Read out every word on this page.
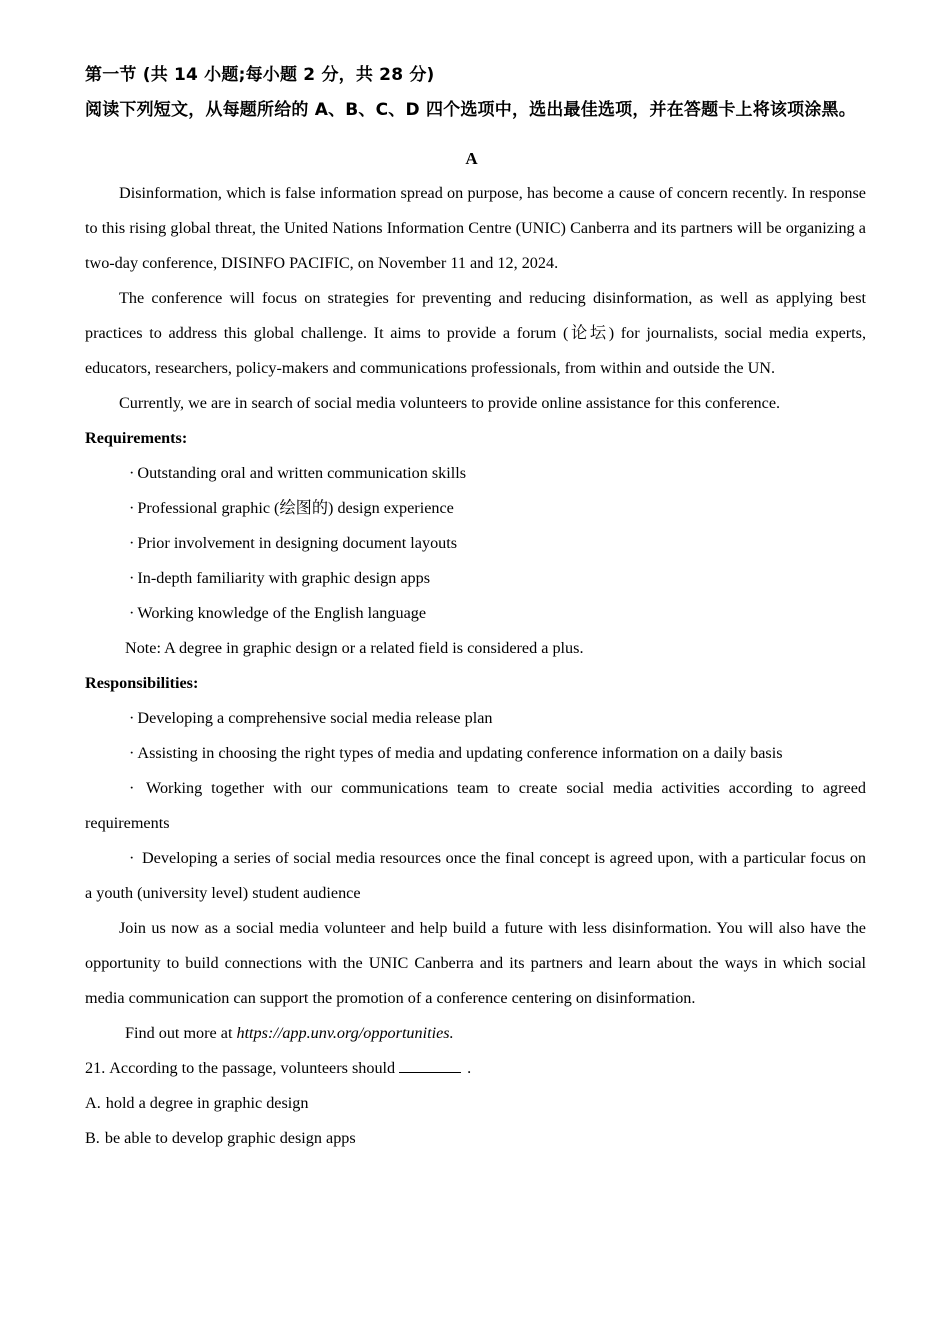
第一节 (共 14 小题;每小题 2 分，共 28 分)
阅读下列短文，从每题所给的 A、B、C、D 四个选项中，选出最佳选项，并在答题卡上将该项涂黑。
A

Disinformation, which is false information spread on purpose, has become a cause of concern recently. In response to this rising global threat, the United Nations Information Centre (UNIC) Canberra and its partners will be organizing a two-day conference, DISINFO PACIFIC, on November 11 and 12, 2024.

The conference will focus on strategies for preventing and reducing disinformation, as well as applying best practices to address this global challenge. It aims to provide a forum (论坛) for journalists, social media experts, educators, researchers, policy-makers and communications professionals, from within and outside the UN.

Currently, we are in search of social media volunteers to provide online assistance for this conference.

Requirements:

· Outstanding oral and written communication skills

· Professional graphic (绘图的) design experience

· Prior involvement in designing document layouts

· In-depth familiarity with graphic design apps

· Working knowledge of the English language

Note: A degree in graphic design or a related field is considered a plus.

Responsibilities:

· Developing a comprehensive social media release plan

· Assisting in choosing the right types of media and updating conference information on a daily basis

· Working together with our communications team to create social media activities according to agreed requirements

· Developing a series of social media resources once the final concept is agreed upon, with a particular focus on a youth (university level) student audience

Join us now as a social media volunteer and help build a future with less disinformation. You will also have the opportunity to build connections with the UNIC Canberra and its partners and learn about the ways in which social media communication can support the promotion of a conference centering on disinformation.

Find out more at https://app.unv.org/opportunities.

21. According to the passage, volunteers should	.

A. hold a degree in graphic design

B. be able to develop graphic design apps
